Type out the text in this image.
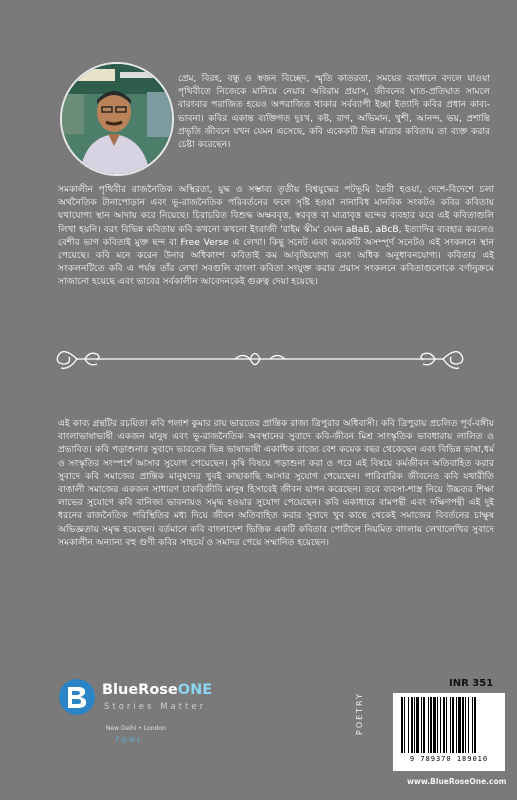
প্রেম, বিরহ, বন্ধু ও স্বজন বিচ্ছেদ, স্মৃতি কাতরতা, সময়ের ব্যবধানে বদলে যাওয়া পৃথিবীতে নিজেকে মানিয়ে নেয়ার অবিরাম প্রয়াস, জীবনের ঘাত-প্রতিঘাত সামলে বারংবার পরাজিত হয়েও অপরাজিত থাকার সর্বব্যাপী ইচ্ছা ইত্যাদি কবির প্রধান কাব্য-ভাবনা। কবির একান্ত ব্যক্তিগত দুঃখ, কষ্ট, রাগ, অভিমান, খুশী, আনন্দ, ভয়, প্রশান্তি প্রভৃতি জীবনে যখন যেমন এসেছে, কবি একেকটি ভিন্ন মাত্রার কবিতায় তা ব্যক্ত করার চেষ্টা করেছেন।

সমকালীন পৃথিবীর রাজনৈতিক অস্থিরতা, যুদ্ধ ও সম্ভাব্য তৃতীয় বিশ্বযুদ্ধের পটভূমি তৈরী হওয়া, দেশে-বিদেশে চলা অর্থনৈতিক টানাপোড়ান এবং ভূ-রাজনৈতিক পরিবর্তনের ফলে সৃষ্টি হওয়া নানাবিধ মানবিক সংকটও কবির কবিতায় যথাযোগ্য স্থান আদায় করে নিয়েছে। চিরাচরিত বিশুদ্ধ অক্ষরবৃত্ত, স্বরবৃত্ত বা মাত্রাবৃত্ত ছন্দের ব্যবহার করে এই কবিতাগুলি লিখা হয়নি। বরং বিভিন্ন কবিতায় কবি কখনো কখনো ইংরাজী 'রাইম স্কীম' যেমন aBaB, aBcB, ইত্যাদির ব্যবহার করলেও বেশীর ভাগ কবিতাই মুক্ত ছন্দ বা Free Verse এ লেখা। কিছু সনেট এবং কয়েকটি অসম্পূর্ণ সনেটও এই সংকলনে স্থান পেয়েছে। কবি মনে করেন উনার অধিকাংশ কবিতাই কম আবৃত্তিযোগ্য এবং অধিক অনুধাবনযোগ্য। কবিতার এই সংকলনটিতে কবি এ পর্যন্ত তাঁর লেখা সবগুলি বাংলা কবিতা সংযুক্ত করার প্রয়াস সংকলনে কবিতাগুলোকে বর্ণানুক্রমে সাজানো হয়েছে এবং ভাবের সর্বকালীন আবেদনকেই গুরুত্ব দেয়া হয়েছে।

এই কাব্য গ্রন্থটির রচয়িতা কবি পলাশ কুমার রায় ভারতের প্রান্তিক রাজ্য ত্রিপুরার অধিবাসী। কবি ত্রিপুরায় প্রচলিত পূর্ব-বঙ্গীয় বাংলাভাষাভাষী একজন মানুষ এবং ভূ-রাজনৈতিক অবস্থানের সুবাদে কবি-জীবন মিশ্র সাংস্কৃতিক ভাবধারায় লালিত ও প্রভাবিত। কবি পড়াশুনার সুবাদে ভারতের ভিন্ন ভাষাভাষী একাধিক রাজ্যে বেশ কয়েক বছর থেকেছেন এবং বিভিন্ন ভাষা,ধর্ম ও সংস্কৃতির সংস্পর্শে আসার সুযোগ পেয়েছেন। কৃষি বিষয়ে পড়াশুনা করা ও পরে এই বিষয়ে কর্মজীবন অতিবাহিত করার সুবাদে কবি সমাজের প্রান্তিক মানুষদের খুবই কাছাকাছি আসার সুযোগ পেয়েছেন। পারিবারিক জীবনেও কবি যথারীতি বাঙালী সমাজের একজন সাধারণ চাকরিজীবি মানুষ হিসাবেই জীবন যাপন করেছেন। তবে ব্যবসা-শাস্ত্র নিয়ে উচ্চতর শিক্ষা লাভের সুযোগে কবি বানিজ্য ভাবনায়ও সমৃদ্ধ হওয়ার সুযোগ পেয়েছেন। কবি একাধারে বামপন্থী এবং দক্ষিণপন্থী এই দুই ধরনের রাজনৈতিক পরিস্থিতির মধ্য দিয়ে জীবন অতিবাহিত করার সুবাদে খুব কাছে থেকেই সমাজের বিবর্তনের চাক্ষুষ অভিজ্ঞতায় সমৃদ্ধ হয়েছেন। বর্তমানে কবি বাংলাদেশ ভিত্তিক একটি কবিতার পোর্টালে নিয়মিত বাংলায় লেখালেখির সুবাদে সমকালীন অন্যান্য বহু গুণী কবির সাহচর্য ও সমাদর পেয়ে সম্মানিত হয়েছেন।

BlueRoseONE
Stories Matter
New Delhi • London
f ◎ ✉ t
INR 351
POETRY
9 789370 189010
www.BlueRoseOne.com
